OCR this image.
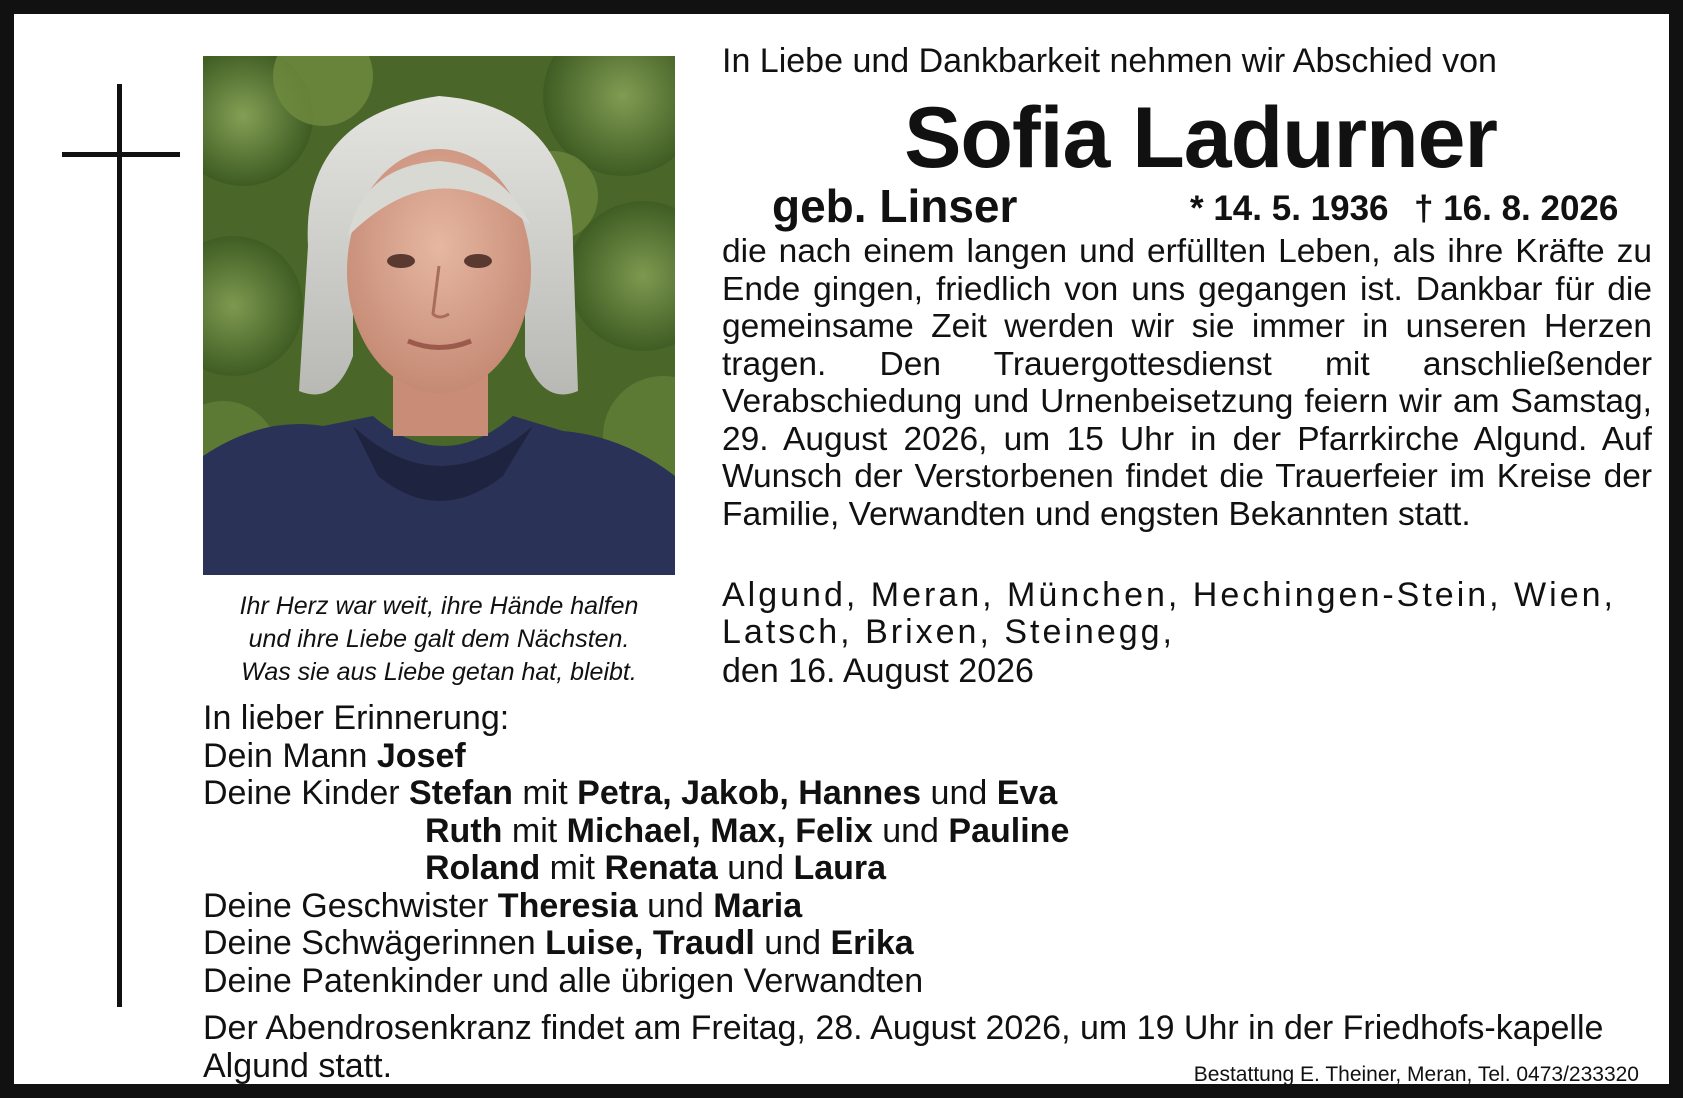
Ihr Herz war weit, ihre Hände halfen
und ihre Liebe galt dem Nächsten.
Was sie aus Liebe getan hat, bleibt.
In Liebe und Dankbarkeit nehmen wir Abschied von
Sofia Ladurner
geb. Linser	* 14. 5. 1936 † 16. 8. 2026
die nach einem langen und erfüllten Leben, als ihre Kräfte zu Ende gingen, friedlich von uns gegangen ist. Dankbar für die gemeinsame Zeit werden wir sie immer in unseren Herzen tragen. Den Trauergottesdienst mit anschließender Verabschiedung und Urnenbeisetzung feiern wir am Samstag, 29. August 2026, um 15 Uhr in der Pfarrkirche Algund. Auf Wunsch der Verstorbenen findet die Trauerfeier im Kreise der Familie, Verwandten und engsten Bekannten statt.
Algund, Meran, München, Hechingen-Stein, Wien, Latsch, Brixen, Steinegg,
den 16. August 2026
In lieber Erinnerung:
Dein Mann Josef
Deine Kinder Stefan mit Petra, Jakob, Hannes und Eva
Ruth mit Michael, Max, Felix und Pauline
Roland mit Renata und Laura
Deine Geschwister Theresia und Maria
Deine Schwägerinnen Luise, Traudl und Erika
Deine Patenkinder und alle übrigen Verwandten
Der Abendrosenkranz findet am Freitag, 28. August 2026, um 19 Uhr in der Friedhofs-kapelle Algund statt.	Bestattung E. Theiner, Meran, Tel. 0473/233320
